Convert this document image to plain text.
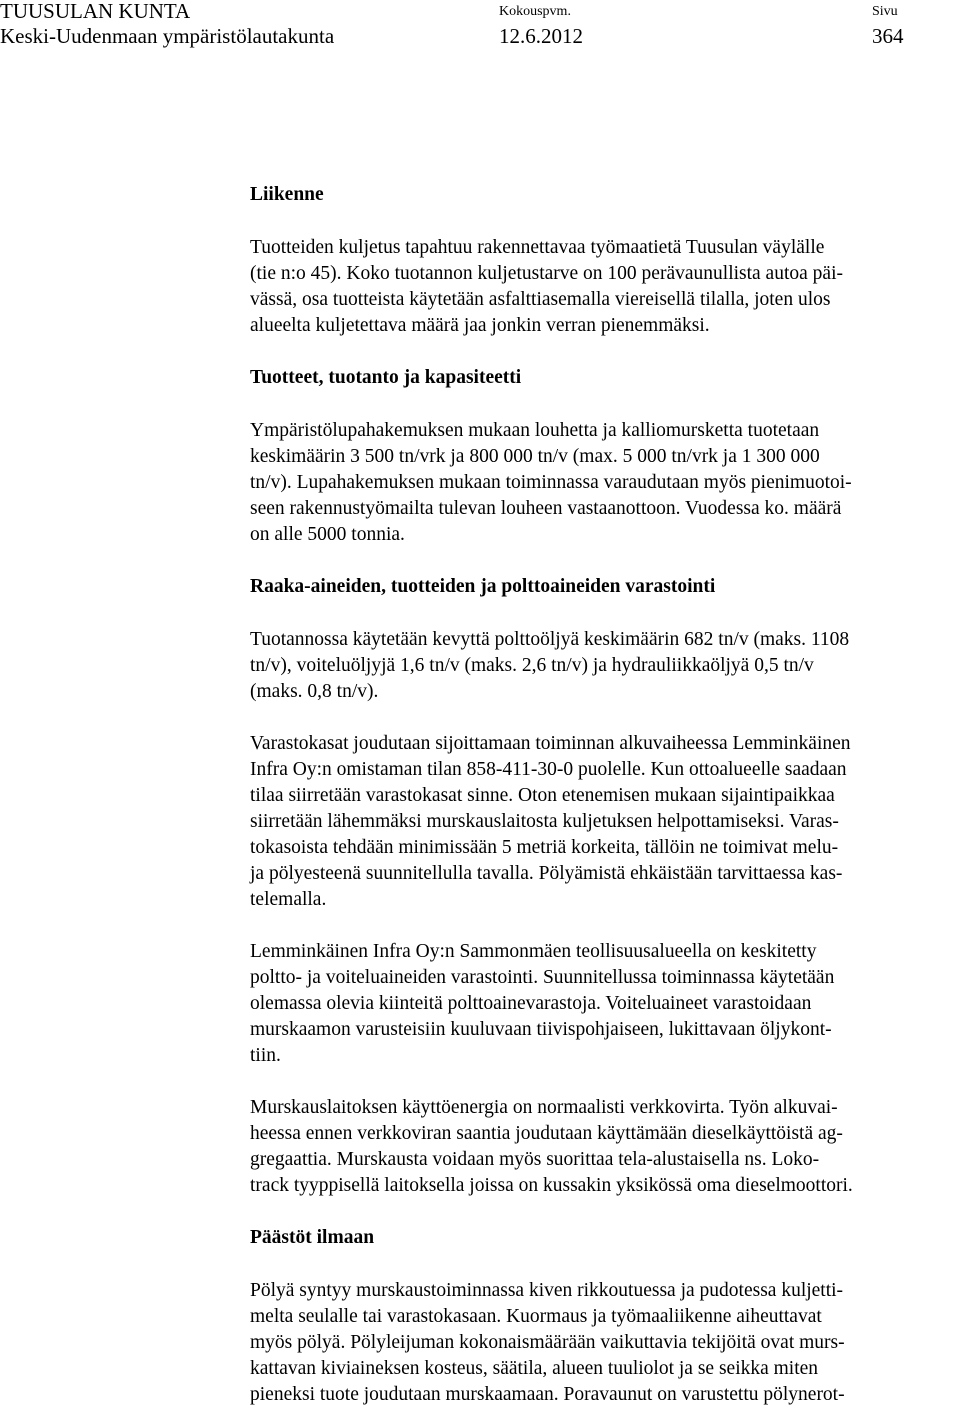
TUUSULAN KUNTA
Keski-Uudenmaan ympäristölautakunta
Kokouspvm.
12.6.2012
Sivu
364
Liikenne

Tuotteiden kuljetus tapahtuu rakennettavaa työmaatietä Tuusulan väylälle
(tie n:o 45). Koko tuotannon kuljetustarve on 100 perävaunullista autoa päi-
vässä, osa tuotteista käytetään asfalttiasemalla viereisellä tilalla, joten ulos
alueelta kuljetettava määrä jaa jonkin verran pienemmäksi.

Tuotteet, tuotanto ja kapasiteetti

Ympäristölupahakemuksen mukaan louhetta ja kalliomursketta tuotetaan
keskimäärin 3 500 tn/vrk ja 800 000 tn/v (max. 5 000 tn/vrk ja 1 300 000
tn/v). Lupahakemuksen mukaan toiminnassa varaudutaan myös pienimuotoi-
seen rakennustyömailta tulevan louheen vastaanottoon. Vuodessa ko. määrä
on alle 5000 tonnia.

Raaka-aineiden, tuotteiden ja polttoaineiden varastointi

Tuotannossa käytetään kevyttä polttoöljyä keskimäärin 682 tn/v (maks. 1108
tn/v), voiteluöljyjä 1,6 tn/v (maks. 2,6 tn/v) ja hydrauliikkaöljyä 0,5 tn/v
(maks. 0,8 tn/v).

Varastokasat joudutaan sijoittamaan toiminnan alkuvaiheessa Lemminkäinen
Infra Oy:n omistaman tilan 858-411-30-0 puolelle. Kun ottoalueelle saadaan
tilaa siirretään varastokasat sinne. Oton etenemisen mukaan sijaintipaikkaa
siirretään lähemmäksi murskauslaitosta kuljetuksen helpottamiseksi. Varas-
tokasoista tehdään minimissään 5 metriä korkeita, tällöin ne toimivat melu-
ja pölyesteenä suunnitellulla tavalla. Pölyämistä ehkäistään tarvittaessa kas-
telemalla.

Lemminkäinen Infra Oy:n Sammonmäen teollisuusalueella on keskitetty
poltto- ja voiteluaineiden varastointi. Suunnitellussa toiminnassa käytetään
olemassa olevia kiinteitä polttoainevarastoja. Voiteluaineet varastoidaan
murskaamon varusteisiin kuuluvaan tiivispohjaiseen, lukittavaan öljykont-
tiin.

Murskauslaitoksen käyttöenergia on normaalisti verkkovirta. Työn alkuvai-
heessa ennen verkkoviran saantia joudutaan käyttämään dieselkäyttöistä ag-
gregaattia. Murskausta voidaan myös suorittaa tela-alustaisella ns. Loko-
track tyyppisellä laitoksella joissa on kussakin yksikössä oma dieselmoottori.

Päästöt ilmaan

Pölyä syntyy murskaustoiminnassa kiven rikkoutuessa ja pudotessa kuljetti-
melta seulalle tai varastokasaan. Kuormaus ja työmaaliikenne aiheuttavat
myös pölyä. Pölyleijuman kokonaismäärään vaikuttavia tekijöitä ovat murs-
kattavan kiviaineksen kosteus, säätila, alueen tuuliolot ja se seikka miten
pieneksi tuote joudutaan murskaamaan. Poravaunut on varustettu pölynerot-
